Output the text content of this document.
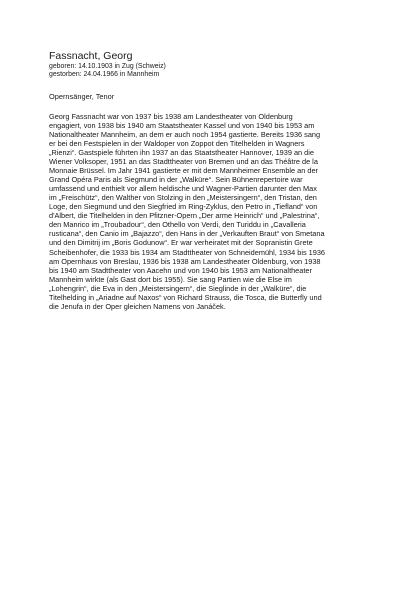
Fassnacht, Georg
geboren: 14.10.1903 in Zug (Schweiz)
gestorben: 24.04.1966 in Mannheim
Opernsänger, Tenor
Georg Fassnacht war von 1937 bis 1938 am Landestheater von Oldenburg
engagiert, von 1938 bis 1940 am Staatstheater Kassel und von 1940 bis 1953 am
Nationaltheater Mannheim, an dem er auch noch 1954 gastierte. Bereits 1936 sang
er bei den Festspielen in der Waldoper von Zoppot den Titelhelden in Wagners
„Rienzi“. Gastspiele führten ihn 1937 an das Staatstheater Hannover, 1939 an die
Wiener Volksoper, 1951 an das Stadttheater von Bremen und an das Théâtre de la
Monnaie Brüssel. Im Jahr 1941 gastierte er mit dem Mannheimer Ensemble an der
Grand Opéra Paris als Siegmund in der „Walküre“. Sein Bühnenrepertoire war
umfassend und enthielt vor allem heldische und Wagner-Partien darunter den Max
im „Freischütz“, den Walther von Stolzing in den „Meistersingern“, den Tristan, den
Loge, den Siegmund und den Siegfried im Ring-Zyklus, den Petro in „Tiefland“ von
d'Albert, die Titelhelden in den Pfitzner-Opern „Der arme Heinrich“ und „Palestrina“,
den Manrico im „Troubadour“, den Othello von Verdi, den Turiddu in „Cavalleria
rusticana“, den Canio im „Bajazzo“, den Hans in der „Verkauften Braut“ von Smetana
und den Dimitrij im „Boris Godunow“. Er war verheiratet mit der Sopranistin Grete
Scheibenhofer, die 1933 bis 1934 am Stadttheater von Schneidemühl, 1934 bis 1936
am Opernhaus von Breslau, 1936 bis 1938 am Landestheater Oldenburg, von 1938
bis 1940 am Stadttheater von Aacehn und von 1940 bis 1953 am Nationaltheater
Mannheim wirkte (als Gast dort bis 1955). Sie sang Partien wie die Else im
„Lohengrin“, die Eva in den „Meistersingern“, die Sieglinde in der „Walküre“, die
Titelhelding in „Ariadne auf Naxos“ von Richard Strauss, die Tosca, die Butterfly und
die Jenufa in der Oper gleichen Namens von Janáček.
